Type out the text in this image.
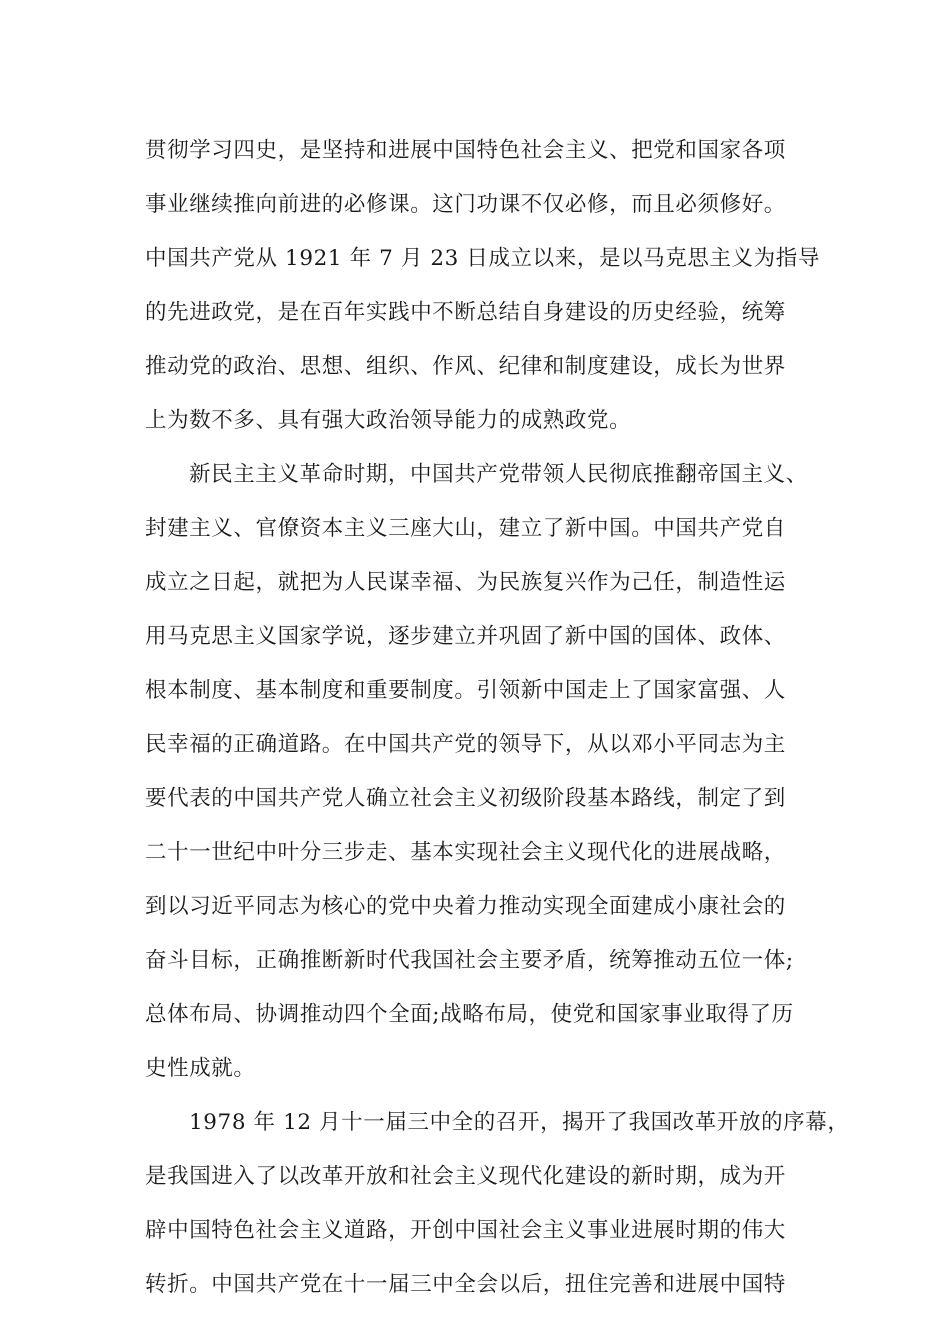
贯彻学习四史，是坚持和进展中国特色社会主义、把党和国家各项
事业继续推向前进的必修课。这门功课不仅必修，而且必须修好。
中国共产党从 1921 年 7 月 23 日成立以来，是以马克思主义为指导
的先进政党，是在百年实践中不断总结自身建设的历史经验，统筹
推动党的政治、思想、组织、作风、纪律和制度建设，成长为世界
上为数不多、具有强大政治领导能力的成熟政党。
新民主主义革命时期，中国共产党带领人民彻底推翻帝国主义、
封建主义、官僚资本主义三座大山，建立了新中国。中国共产党自
成立之日起，就把为人民谋幸福、为民族复兴作为己任，制造性运
用马克思主义国家学说，逐步建立并巩固了新中国的国体、政体、
根本制度、基本制度和重要制度。引领新中国走上了国家富强、人
民幸福的正确道路。在中国共产党的领导下，从以邓小平同志为主
要代表的中国共产党人确立社会主义初级阶段基本路线，制定了到
二十一世纪中叶分三步走、基本实现社会主义现代化的进展战略，
到以习近平同志为核心的党中央着力推动实现全面建成小康社会的
奋斗目标，正确推断新时代我国社会主要矛盾，统筹推动五位一体;
总体布局、协调推动四个全面;战略布局，使党和国家事业取得了历
史性成就。
1978 年 12 月十一届三中全的召开，揭开了我国改革开放的序幕，
是我国进入了以改革开放和社会主义现代化建设的新时期，成为开
辟中国特色社会主义道路，开创中国社会主义事业进展时期的伟大
转折。中国共产党在十一届三中全会以后，扭住完善和进展中国特
